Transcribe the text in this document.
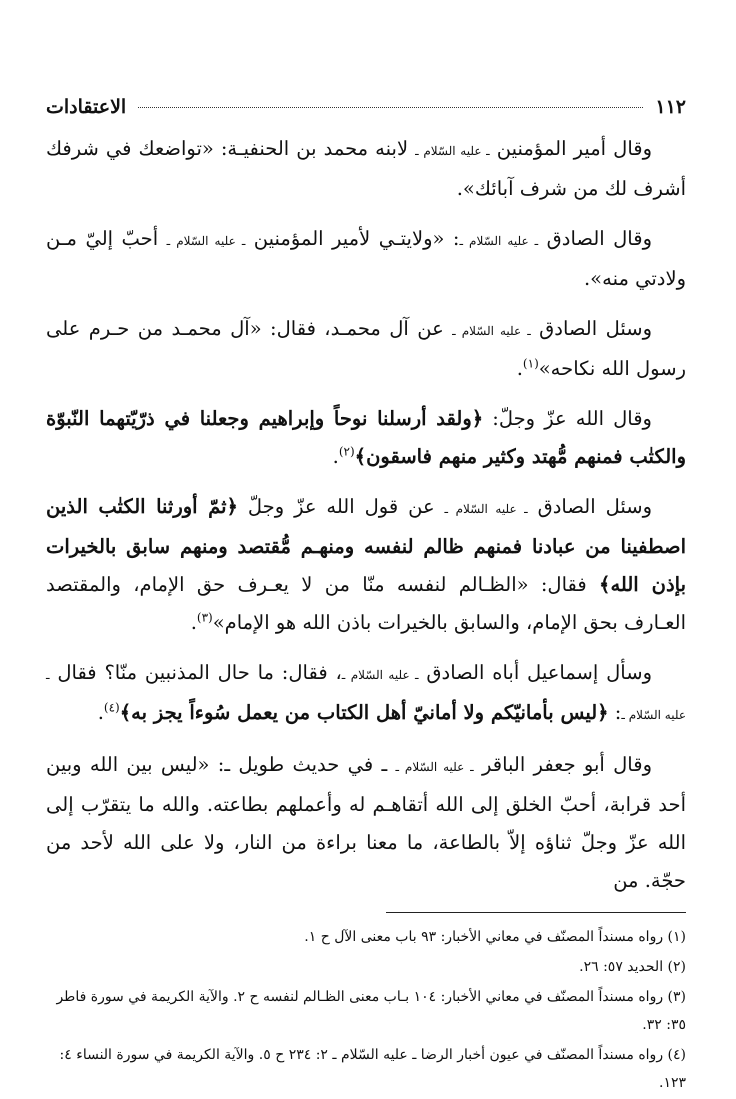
١١٢
الاعتقادات

وقال أمير المؤمنين ـ عليه السّلام ـ لابنه محمد بن الحنفيـة: «تواضعك في شرفك أشرف لك من شرف آبائك».

وقال الصادق ـ عليه السّلام ـ: «ولايتـي لأمير المؤمنين ـ عليه السّلام ـ أحبّ إليّ مـن ولادتي منه».

وسئل الصادق ـ عليه السّلام ـ عن آل محمـد، فقال: «آل محمـد من حـرم على رسول الله نكاحه»$^{(١)}$.

وقال الله عزّ وجلّ: ﴿ولقد أرسلنا نوحاً وإبراهيم وجعلنا في ذرّيّتهما النّبوّة والكتٰب فمنهم مُّهتد وكثير منهم فاسقون﴾$^{(٢)}$.

وسئل الصادق ـ عليه السّلام ـ عن قول الله عزّ وجلّ ﴿ثمّ أورثنا الكتٰب الذين اصطفينا من عبادنا فمنهم ظالم لنفسه ومنهـم مُّقتصد ومنهم سابق بالخيرات بإذن الله﴾ فقال: «الظـالم لنفسه منّا من لا يعـرف حق الإمام، والمقتصد العـارف بحق الإمام، والسابق بالخيرات باذن الله هو الإمام»$^{(٣)}$.

وسأل إسماعيل أباه الصادق ـ عليه السّلام ـ، فقال: ما حال المذنبين منّا؟ فقال ـ عليه السّلام ـ: ﴿ليس بأمانيّكم ولا أمانيّ أهل الكتاب من يعمل سُوءاً يجز به﴾$^{(٤)}$.

وقال أبو جعفر الباقر ـ عليه السّلام ـ ـ في حديث طويل ـ: «ليس بين الله وبين أحد قرابة، أحبّ الخلق إلى الله أتقاهـم له وأعملهم بطاعته. والله ما يتقرّب إلى الله عزّ وجلّ ثناؤه إلاّ بالطاعة، ما معنا براءة من النار، ولا على الله لأحد من حجّة. من

(١) رواه مسنداً المصنّف في معاني الأخبار: ٩٣ باب معنى الآل ح ١.

(٢) الحديد ٥٧: ٢٦.

(٣) رواه مسنداً المصنّف في معاني الأخبار: ١٠٤ بـاب معنى الظـالم لنفسه ح ٢. والآية الكريمة في سورة فاطر ٣٥: ٣٢.

(٤) رواه مسنداً المصنّف في عيون أخبار الرضا ـ عليه السّلام ـ ٢: ٢٣٤ ح ٥. والآية الكريمة في سورة النساء ٤: ١٢٣.
